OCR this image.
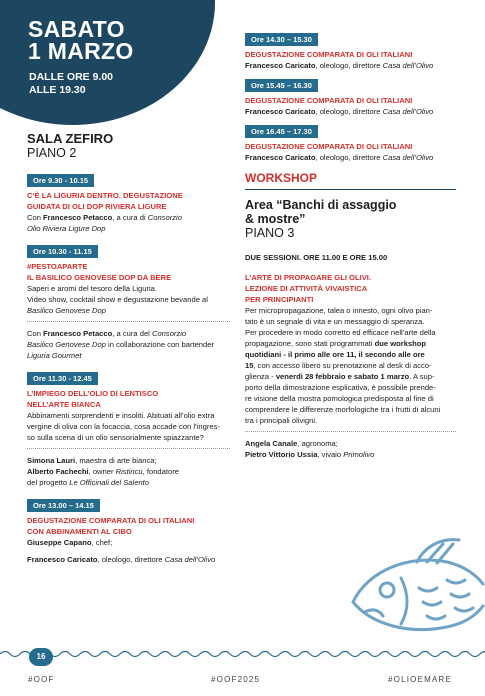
SABATO
1 MARZO
DALLE ORE 9.00
ALLE 19.30
SALA ZEFIRO
PIANO 2
Ore 9.30 - 10.15
C’È LA LIGURIA DENTRO. DEGUSTAZIONE
GUIDATA DI OLI DOP RIVIERA LIGURE

Con Francesco Petacco, a cura di Consorzio

Olio Riviera Ligure Dop

Ore 10.30 - 11.15
#PESTOAPARTE
IL BASILICO GENOVESE DOP DA BERE

Saperi e aromi del tesoro della Liguria.

Video show, cocktail show e degustazione bevande al

Basilico Genovese Dop

Con Francesco Petacco, a cura del Consorzio

Basilico Genovese Dop in collaborazione con bartender

Liguria Gourmet

Ore 11.30 - 12.45
L’IMPIEGO DELL’OLIO DI LENTISCO
NELL’ARTE BIANCA

Abbinamenti sorprendenti e insoliti. Abituati all’olio extra

vergine di oliva con la focaccia, cosa accade con l’ingres-

so sulla scena di un olio sensorialmente spiazzante?

Simona Lauri, maestra di arte bianca;

Alberto Fachechi, owner Ristincu, fondatore

del progetto Le Officinali del Salento

Ore 13.00 – 14.15
DEGUSTAZIONE COMPARATA DI OLI ITALIANI
CON ABBINAMENTI AL CIBO

Giuseppe Capano, chef;

Francesco Caricato, oleologo, direttore Casa dell’Olivo

Ore 14.30 – 15.30
DEGUSTAZIONE COMPARATA DI OLI ITALIANI

Francesco Caricato, oleologo, direttore Casa dell’Olivo

Ore 15.45 – 16.30
DEGUSTAZIONE COMPARATA DI OLI ITALIANI

Francesco Caricato, oleologo, direttore Casa dell’Olivo

Ore 16.45 – 17.30
DEGUSTAZIONE COMPARATA DI OLI ITALIANI

Francesco Caricato, oleologo, direttore Casa dell’Olivo

WORKSHOP
Area “Banchi di assaggio
& mostre”
PIANO 3
DUE SESSIONI. ORE 11.00 E ORE 15.00
L’ARTE DI PROPAGARE GLI OLIVI.
LEZIONE DI ATTIVITÀ VIVAISTICA
PER PRINCIPIANTI

Per micropropagazione, talea o innesto, ogni olivo pian-

tato è un segnale di vita e un messaggio di speranza.

Per procedere in modo corretto ed efficace nell’arte della

propagazione, sono stati programmati due workshop

quotidiani - il primo alle ore 11, il secondo alle ore

15, con accesso libero su prenotazione al desk di acco-

glienza - venerdì 28 febbraio e sabato 1 marzo. A sup-

porto della dimostrazione esplicativa, è possibile prende-

re visione della mostra pomologica predisposta al fine di

comprendere le differenze morfologiche tra i frutti di alcuni

tra i principali olivigni.

Angela Canale, agronoma;

Pietro Vittorio Ussia, vivaio Primolivo

16
#OOF	#OOF2025	#OLIOEMARE
